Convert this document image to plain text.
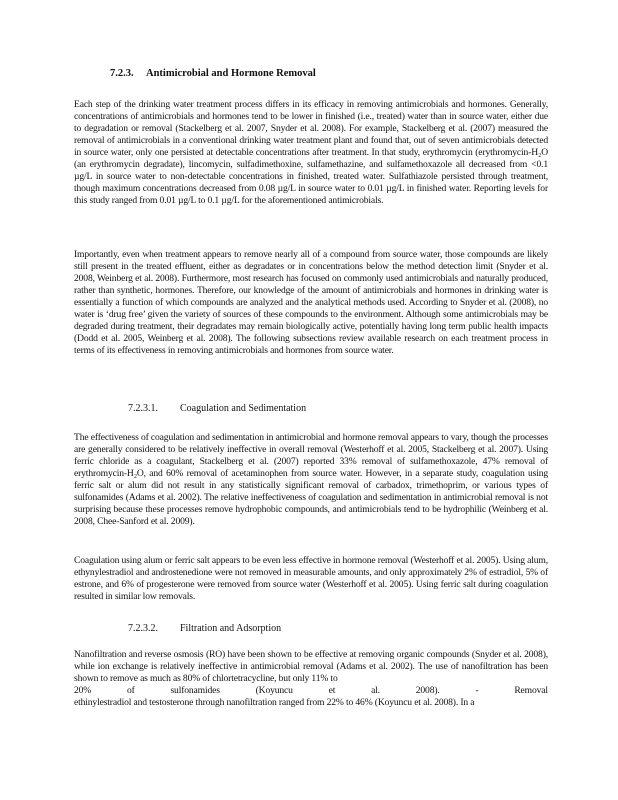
7.2.3. Antimicrobial and Hormone Removal

Each step of the drinking water treatment process differs in its efficacy in removing antimicrobials and hormones. Generally, concentrations of antimicrobials and hormones tend to be lower in finished (i.e., treated) water than in source water, either due to degradation or removal (Stackelberg et al. 2007, Snyder et al. 2008). For example, Stackelberg et al. (2007) measured the removal of antimicrobials in a conventional drinking water treatment plant and found that, out of seven antimicrobials detected in source water, only one persisted at detectable concentrations after treatment. In that study, erythromycin (erythromycin-H₂O (an erythromycin degradate), lincomycin, sulfadimethoxine, sulfamethazine, and sulfamethoxazole all decreased from <0.1 µg/L in source water to non-detectable concentrations in finished, treated water. Sulfathiazole persisted through treatment, though maximum concentrations decreased from 0.08 µg/L in source water to 0.01 µg/L in finished water. Reporting levels for this study ranged from 0.01 µg/L to 0.1 µg/L for the aforementioned antimicrobials.

Importantly, even when treatment appears to remove nearly all of a compound from source water, those compounds are likely still present in the treated effluent, either as degradates or in concentrations below the method detection limit (Snyder et al. 2008, Weinberg et al. 2008). Furthermore, most research has focused on commonly used antimicrobials and naturally produced, rather than synthetic, hormones. Therefore, our knowledge of the amount of antimicrobials and hormones in drinking water is essentially a function of which compounds are analyzed and the analytical methods used. According to Snyder et al. (2008), no water is ‘drug free’ given the variety of sources of these compounds to the environment. Although some antimicrobials may be degraded during treatment, their degradates may remain biologically active, potentially having long term public health impacts (Dodd et al. 2005, Weinberg et al. 2008). The following subsections review available research on each treatment process in terms of its effectiveness in removing antimicrobials and hormones from source water.

7.2.3.1. Coagulation and Sedimentation

The effectiveness of coagulation and sedimentation in antimicrobial and hormone removal appears to vary, though the processes are generally considered to be relatively ineffective in overall removal (Westerhoff et al. 2005, Stackelberg et al. 2007). Using ferric chloride as a coagulant, Stackelberg et al. (2007) reported 33% removal of sulfamethoxazole, 47% removal of erythromycin-H₂O, and 60% removal of acetaminophen from source water. However, in a separate study, coagulation using ferric salt or alum did not result in any statistically significant removal of carbadox, trimethoprim, or various types of sulfonamides (Adams et al. 2002). The relative ineffectiveness of coagulation and sedimentation in antimicrobial removal is not surprising because these processes remove hydrophobic compounds, and antimicrobials tend to be hydrophilic (Weinberg et al. 2008, Chee-Sanford et al. 2009).

Coagulation using alum or ferric salt appears to be even less effective in hormone removal (Westerhoff et al. 2005). Using alum, ethynylestradiol and androstenedione were not removed in measurable amounts, and only approximately 2% of estradiol, 5% of estrone, and 6% of progesterone were removed from source water (Westerhoff et al. 2005). Using ferric salt during coagulation resulted in similar low removals.

7.2.3.2. Filtration and Adsorption

Nanofiltration and reverse osmosis (RO) have been shown to be effective at removing organic compounds (Snyder et al. 2008), while ion exchange is relatively ineffective in antimicrobial removal (Adams et al. 2002). The use of nanofiltration has been shown to remove as much as 80% of chlortetracycline, but only 11% to

20%	of	sulfonamides	(Koyuncu	et	al.	2008).	-	Removal

ethinylestradiol and testosterone through nanofiltration ranged from 22% to 46% (Koyuncu et al. 2008). In a
